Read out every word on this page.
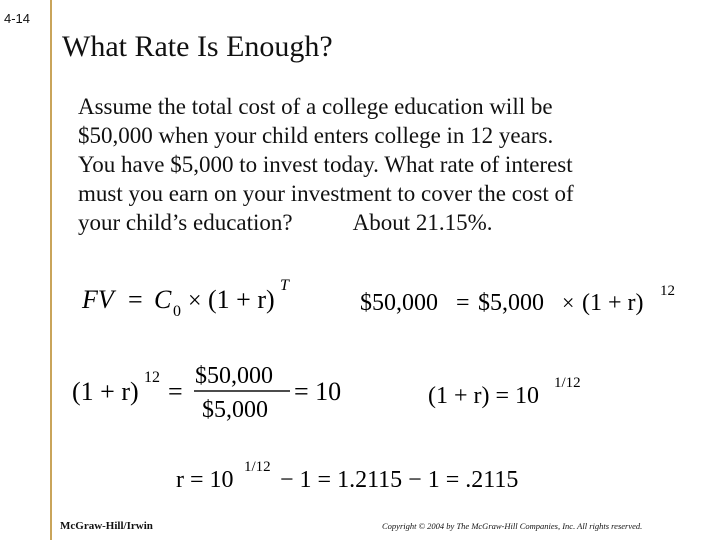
4-14
What Rate Is Enough?
Assume the total cost of a college education will be
$50,000 when your child enters college in 12 years.
You have $5,000 to invest today. What rate of interest
must you earn on your investment to cover the cost of
your child’s education?	About 21.15%.
FV = C 0 × (1 + r) T
$50,000 = $5,000 × (1 + r) 12
(1 + r) 12 =
$50,000
$5,000
= 10	(1 + r) = 10 1/12
r = 10 1/12 − 1 = 1.2115 − 1 = .2115
McGraw-Hill/Irwin	Copyright © 2004 by The McGraw-Hill Companies, Inc. All rights reserved.
